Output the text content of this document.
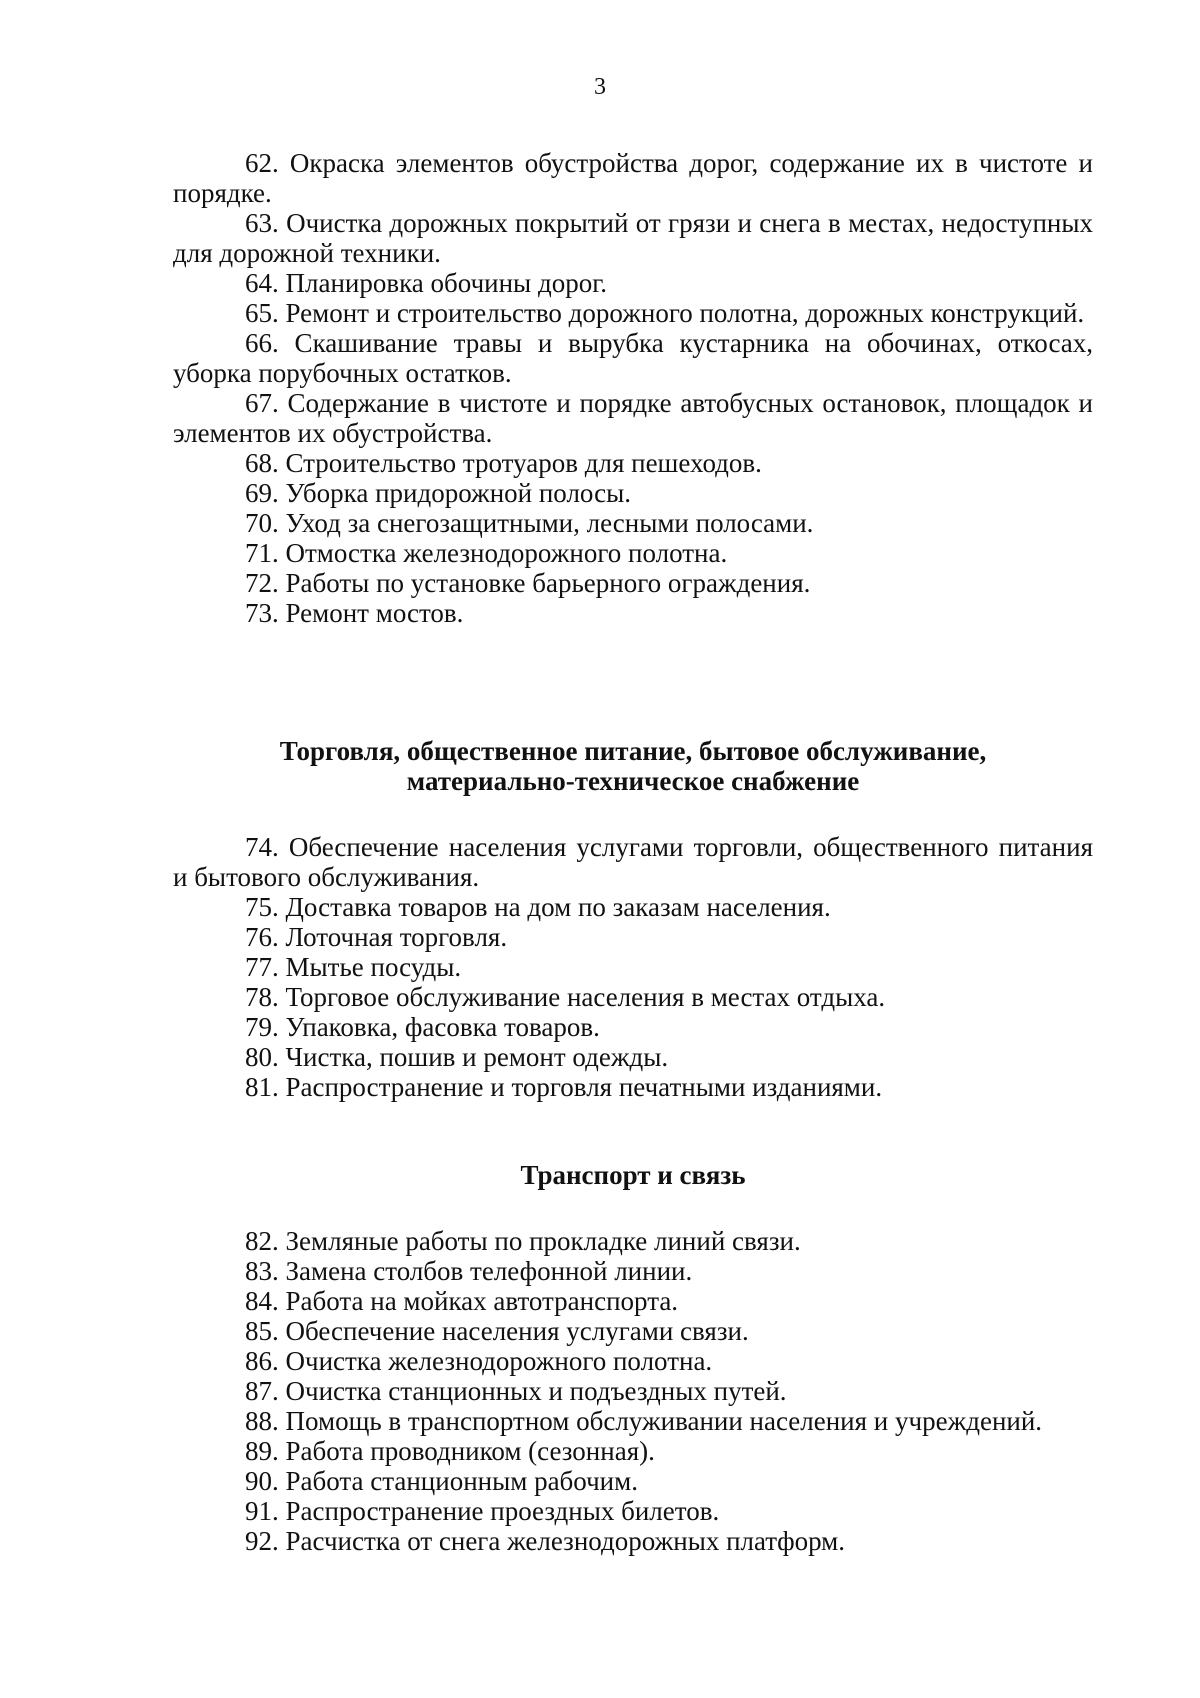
3

62. Окраска элементов обустройства дорог, содержание их в чистоте и порядке.

63. Очистка дорожных покрытий от грязи и снега в местах, недоступных для дорожной техники.

64. Планировка обочины дорог.

65. Ремонт и строительство дорожного полотна, дорожных конструкций.

66. Скашивание травы и вырубка кустарника на обочинах, откосах, уборка порубочных остатков.

67. Содержание в чистоте и порядке автобусных остановок, площадок и элементов их обустройства.

68. Строительство тротуаров для пешеходов.

69. Уборка придорожной полосы.

70. Уход за снегозащитными, лесными полосами.

71. Отмостка железнодорожного полотна.

72. Работы по установке барьерного ограждения.

73. Ремонт мостов.

Торговля, общественное питание, бытовое обслуживание,
материально-техническое снабжение

74. Обеспечение населения услугами торговли, общественного питания и бытового обслуживания.

75. Доставка товаров на дом по заказам населения.

76. Лоточная торговля.

77. Мытье посуды.

78. Торговое обслуживание населения в местах отдыха.

79. Упаковка, фасовка товаров.

80. Чистка, пошив и ремонт одежды.

81. Распространение и торговля печатными изданиями.

Транспорт и связь

82. Земляные работы по прокладке линий связи.

83. Замена столбов телефонной линии.

84. Работа на мойках автотранспорта.

85. Обеспечение населения услугами связи.

86. Очистка железнодорожного полотна.

87. Очистка станционных и подъездных путей.

88. Помощь в транспортном обслуживании населения и учреждений.

89. Работа проводником (сезонная).

90. Работа станционным рабочим.

91. Распространение проездных билетов.

92. Расчистка от снега железнодорожных платформ.
